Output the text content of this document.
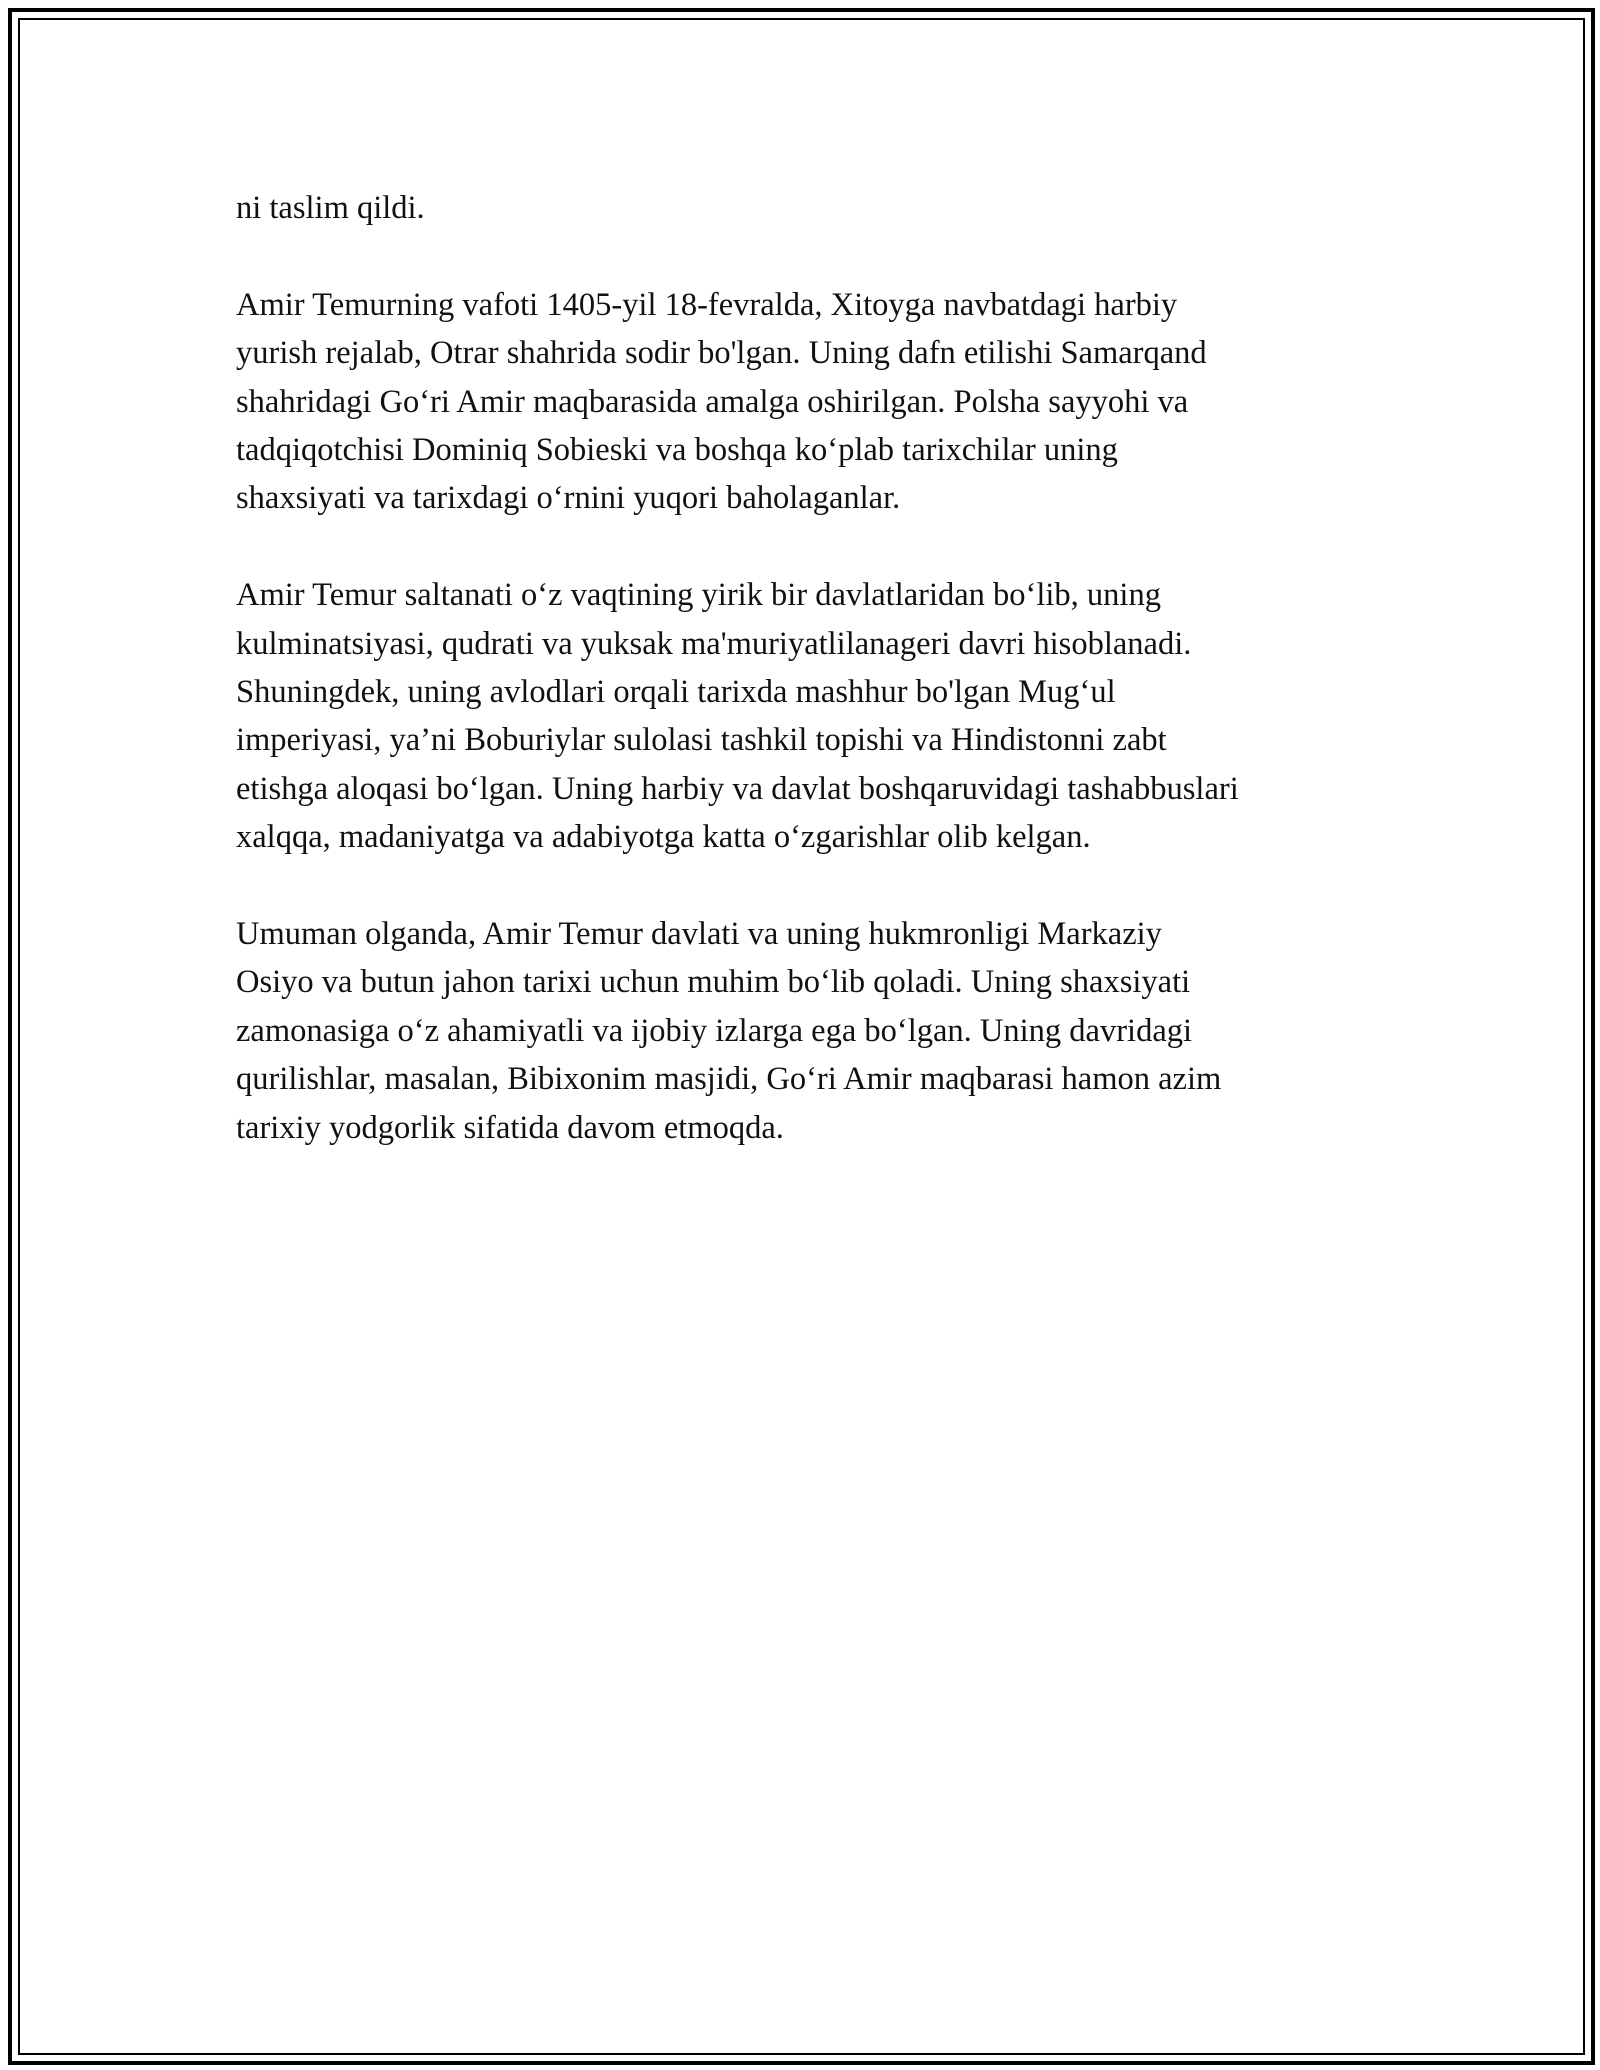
ni taslim qildi.

Amir Temurning vafoti 1405-yil 18-fevralda, Xitoyga navbatdagi harbiy
yurish rejalab, Otrar shahrida sodir bo'lgan. Uning dafn etilishi Samarqand
shahridagi Go‘ri Amir maqbarasida amalga oshirilgan. Polsha sayyohi va
tadqiqotchisi Dominiq Sobieski va boshqa ko‘plab tarixchilar uning
shaxsiyati va tarixdagi o‘rnini yuqori baholaganlar.

Amir Temur saltanati o‘z vaqtining yirik bir davlatlaridan bo‘lib, uning
kulminatsiyasi, qudrati va yuksak ma'muriyatlilanageri davri hisoblanadi.
Shuningdek, uning avlodlari orqali tarixda mashhur bo'lgan Mug‘ul
imperiyasi, ya’ni Boburiylar sulolasi tashkil topishi va Hindistonni zabt
etishga aloqasi bo‘lgan. Uning harbiy va davlat boshqaruvidagi tashabbuslari
xalqqa, madaniyatga va adabiyotga katta o‘zgarishlar olib kelgan.

Umuman olganda, Amir Temur davlati va uning hukmronligi Markaziy
Osiyo va butun jahon tarixi uchun muhim bo‘lib qoladi. Uning shaxsiyati
zamonasiga o‘z ahamiyatli va ijobiy izlarga ega bo‘lgan. Uning davridagi
qurilishlar, masalan, Bibixonim masjidi, Go‘ri Amir maqbarasi hamon azim
tarixiy yodgorlik sifatida davom etmoqda.
